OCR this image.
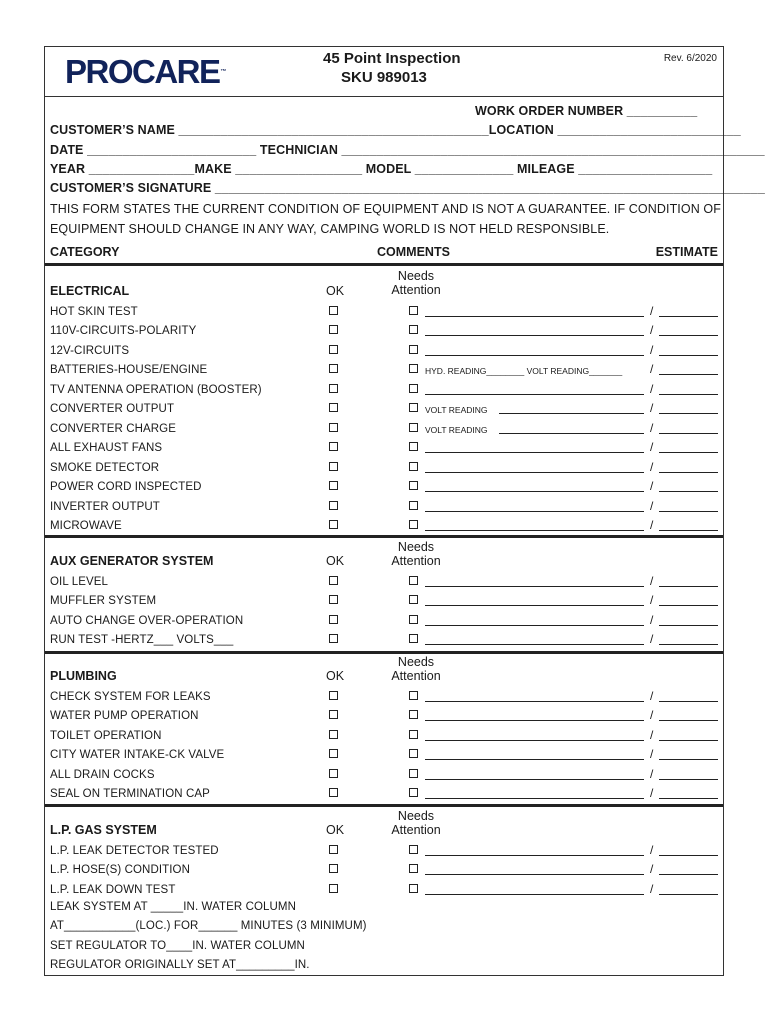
PROCARE™
45 Point Inspection
SKU 989013
Rev. 6/2020
WORK ORDER NUMBER __________
CUSTOMER’S NAME ____________________________________________LOCATION __________________________
DATE ________________________ TECHNICIAN ____________________________________________________________
YEAR _______________MAKE __________________ MODEL ______________ MILEAGE ___________________
CUSTOMER’S SIGNATURE ______________________________________________________________________________
THIS FORM STATES THE CURRENT CONDITION OF EQUIPMENT AND IS NOT A GUARANTEE. IF CONDITION OF EQUIPMENT SHOULD CHANGE IN ANY WAY, CAMPING WORLD IS NOT HELD RESPONSIBLE.
CATEGORY	COMMENTS	ESTIMATE
Needs Attention
ELECTRICAL	OK
HOT SKIN TEST	/
110V-CIRCUITS-POLARITY	/
12V-CIRCUITS	/
BATTERIES-HOUSE/ENGINE	HYD. READING________ VOLT READING_______ /
TV ANTENNA OPERATION (BOOSTER)	/
CONVERTER OUTPUT	VOLT READING	/
CONVERTER CHARGE	VOLT READING	/
ALL EXHAUST FANS	/
SMOKE DETECTOR	/
POWER CORD INSPECTED	/
INVERTER OUTPUT	/
MICROWAVE	/
Needs Attention
AUX GENERATOR SYSTEM	OK
OIL LEVEL	/
MUFFLER SYSTEM	/
AUTO CHANGE OVER-OPERATION	/
RUN TEST -HERTZ___ VOLTS___	/
Needs Attention
PLUMBING	OK
CHECK SYSTEM FOR LEAKS	/
WATER PUMP OPERATION	/
TOILET OPERATION	/
CITY WATER INTAKE-CK VALVE	/
ALL DRAIN COCKS	/
SEAL ON TERMINATION CAP	/
Needs Attention
L.P. GAS SYSTEM	OK
L.P. LEAK DETECTOR TESTED	/
L.P. HOSE(S) CONDITION	/
L.P. LEAK DOWN TEST	/
LEAK SYSTEM AT _____IN. WATER COLUMN
AT___________(LOC.) FOR______ MINUTES (3 MINIMUM)
SET REGULATOR TO____IN. WATER COLUMN
REGULATOR ORIGINALLY SET AT_________IN.
